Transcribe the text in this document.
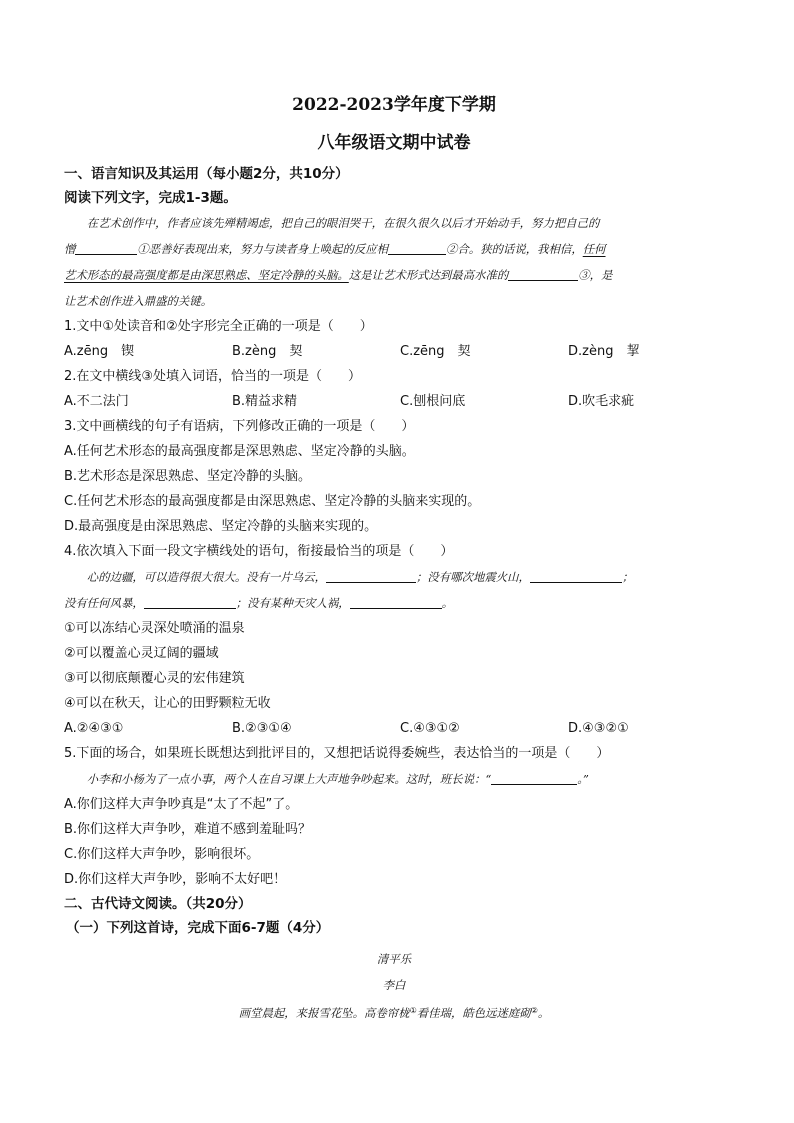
2022-2023学年度下学期

八年级语文期中试卷

一、语言知识及其运用（每小题2分，共10分）

阅读下列文字，完成1-3题。

在艺术创作中，作者应该先殚精竭虑，把自己的眼泪哭干，在很久很久以后才开始动手，努力把自己的

憎	①恶善好表现出来，努力与读者身上唤起的反应相	②合。狭的话说，我相信，任何

艺术形态的最高强度都是由深思熟虑、坚定冷静的头脑。这是让艺术形式达到最高水准的	③，是

让艺术创作进入鼎盛的关键。

1.文中①处读音和②处字形完全正确的一项是（　　）

A.zēng　锲	B.zèng　契	C.zēng　契	D.zèng　挈

2.在文中横线③处填入词语，恰当的一项是（　　）

A.不二法门	B.精益求精	C.刨根问底	D.吹毛求疵

3.文中画横线的句子有语病，下列修改正确的一项是（　　）

A.任何艺术形态的最高强度都是深思熟虑、坚定冷静的头脑。

B.艺术形态是深思熟虑、坚定冷静的头脑。

C.任何艺术形态的最高强度都是由深思熟虑、坚定冷静的头脑来实现的。

D.最高强度是由深思熟虑、坚定冷静的头脑来实现的。

4.依次填入下面一段文字横线处的语句，衔接最恰当的项是（　　）

心的边疆，可以造得很大很大。没有一片乌云，	；没有哪次地震火山，	；

没有任何风暴，	；没有某种天灾人祸，	。

①可以冻结心灵深处喷涌的温泉

②可以覆盖心灵辽阔的疆域

③可以彻底颠覆心灵的宏伟建筑

④可以在秋天，让心的田野颗粒无收

A.②④③①	B.②③①④	C.④③①②	D.④③②①

5.下面的场合，如果班长既想达到批评目的，又想把话说得委婉些，表达恰当的一项是（　　）

小李和小杨为了一点小事，两个人在自习课上大声地争吵起来。这时，班长说：“	。”

A.你们这样大声争吵真是“太了不起”了。

B.你们这样大声争吵，难道不感到羞耻吗？

C.你们这样大声争吵，影响很坏。

D.你们这样大声争吵，影响不太好吧！

二、古代诗文阅读。（共20分）

（一）下列这首诗，完成下面6-7题（4分）

清平乐

李白

画堂晨起，来报雪花坠。高卷帘栊①看佳瑞，皓色远迷庭砌②。
